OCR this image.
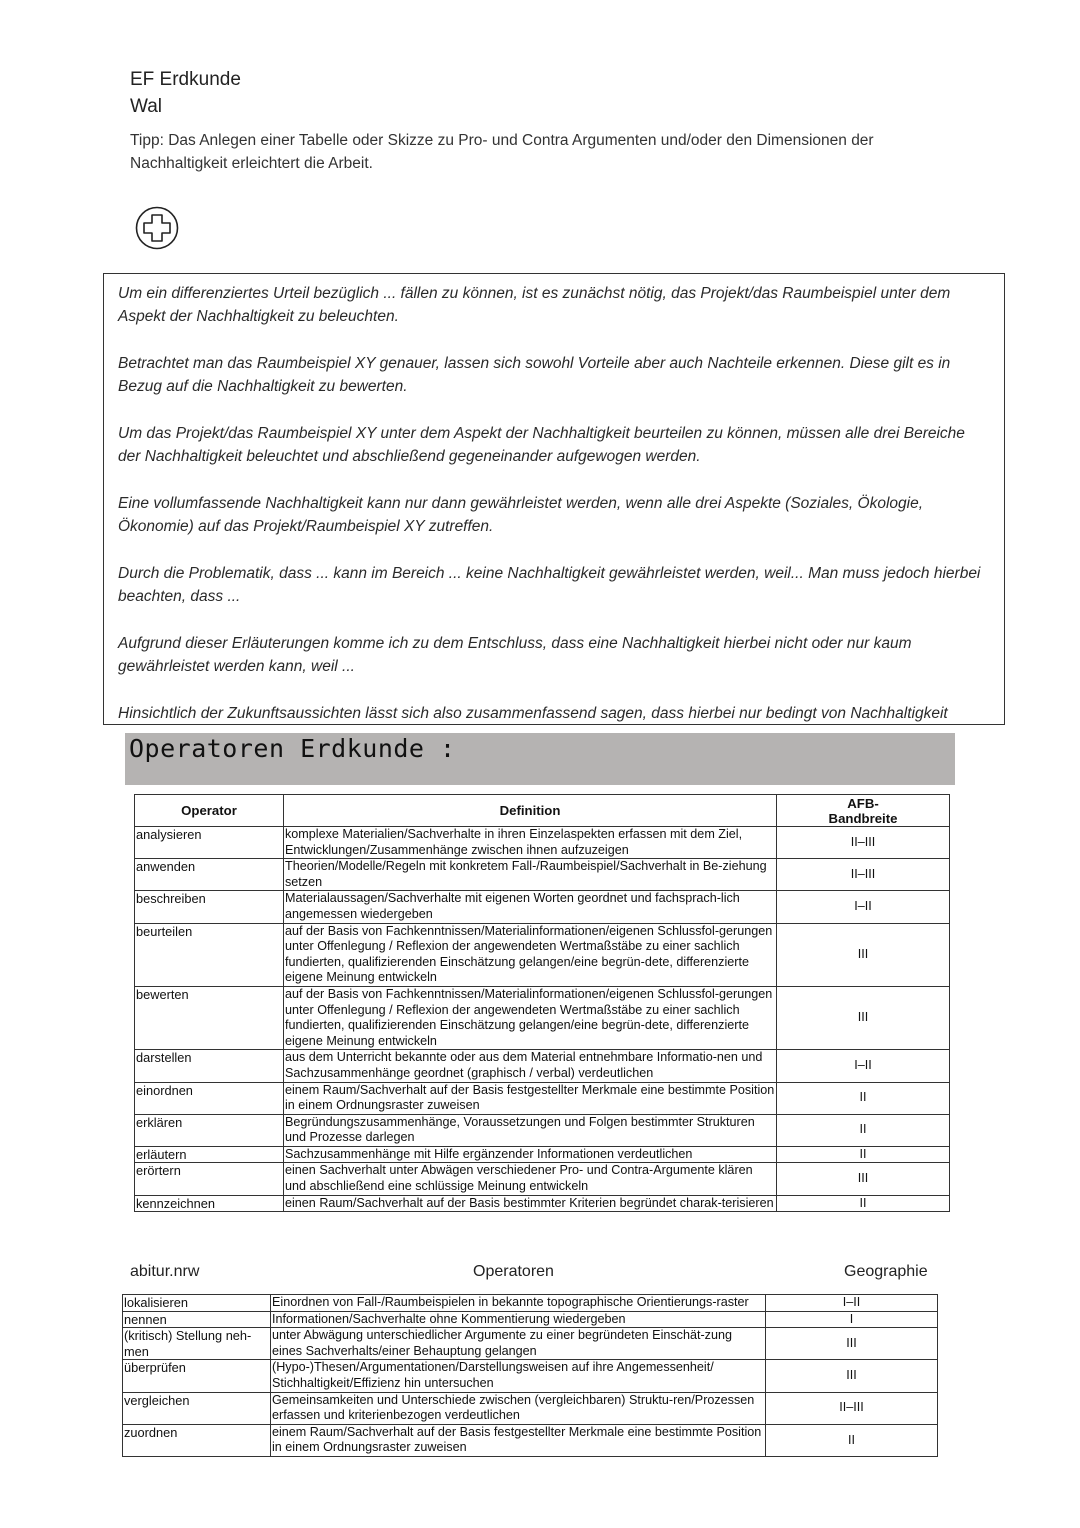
EF Erdkunde
Wal
Tipp: Das Anlegen einer Tabelle oder Skizze zu Pro- und Contra Argumenten und/oder den Dimensionen der Nachhaltigkeit erleichtert die Arbeit.

Um ein differenziertes Urteil bezüglich ... fällen zu können, ist es zunächst nötig, das Projekt/das Raumbeispiel unter dem Aspekt der Nachhaltigkeit zu beleuchten.

Betrachtet man das Raumbeispiel XY genauer, lassen sich sowohl Vorteile aber auch Nachteile erkennen. Diese gilt es in Bezug auf die Nachhaltigkeit zu bewerten.

Um das Projekt/das Raumbeispiel XY unter dem Aspekt der Nachhaltigkeit beurteilen zu können, müssen alle drei Bereiche der Nachhaltigkeit beleuchtet und abschließend gegeneinander aufgewogen werden.

Eine vollumfassende Nachhaltigkeit kann nur dann gewährleistet werden, wenn alle drei Aspekte (Soziales, Ökologie, Ökonomie) auf das Projekt/Raumbeispiel XY zutreffen.

Durch die Problematik, dass ... kann im Bereich ... keine Nachhaltigkeit gewährleistet werden, weil... Man muss jedoch hierbei beachten, dass ...

Aufgrund dieser Erläuterungen komme ich zu dem Entschluss, dass eine Nachhaltigkeit hierbei nicht oder nur kaum gewährleistet werden kann, weil ...

Hinsichtlich der Zukunftsaussichten lässt sich also zusammenfassend sagen, dass hierbei nur bedingt von Nachhaltigkeit

Operatoren Erdkunde :
Operator	Definition	AFB-
Bandbreite
analysieren	komplexe Materialien/Sachverhalte in ihren Einzelaspekten erfassen mit dem Ziel, Entwicklungen/Zusammenhänge zwischen ihnen aufzuzeigen	II–III
anwenden	Theorien/Modelle/Regeln mit konkretem Fall-/Raumbeispiel/Sachverhalt in Be-ziehung setzen	II–III
beschreiben	Materialaussagen/Sachverhalte mit eigenen Worten geordnet und fachsprach-lich angemessen wiedergeben	I–II
beurteilen	auf der Basis von Fachkenntnissen/Materialinformationen/eigenen Schlussfol-gerungen unter Offenlegung / Reflexion der angewendeten Wertmaßstäbe zu einer sachlich fundierten, qualifizierenden Einschätzung gelangen/eine begrün-dete, differenzierte eigene Meinung entwickeln	III
bewerten	auf der Basis von Fachkenntnissen/Materialinformationen/eigenen Schlussfol-gerungen unter Offenlegung / Reflexion der angewendeten Wertmaßstäbe zu einer sachlich fundierten, qualifizierenden Einschätzung gelangen/eine begrün-dete, differenzierte eigene Meinung entwickeln	III
darstellen	aus dem Unterricht bekannte oder aus dem Material entnehmbare Informatio-nen und Sachzusammenhänge geordnet (graphisch / verbal) verdeutlichen	I–II
einordnen	einem Raum/Sachverhalt auf der Basis festgestellter Merkmale eine bestimmte Position in einem Ordnungsraster zuweisen	II
erklären	Begründungszusammenhänge, Voraussetzungen und Folgen bestimmter Strukturen und Prozesse darlegen	II
erläutern	Sachzusammenhänge mit Hilfe ergänzender Informationen verdeutlichen	II
erörtern	einen Sachverhalt unter Abwägen verschiedener Pro- und Contra-Argumente klären und abschließend eine schlüssige Meinung entwickeln	III
kennzeichnen	einen Raum/Sachverhalt auf der Basis bestimmter Kriterien begründet charak-terisieren	II
abitur.nrw	Operatoren	Geographie
lokalisieren	Einordnen von Fall-/Raumbeispielen in bekannte topographische Orientierungs-raster	I–II
nennen	Informationen/Sachverhalte ohne Kommentierung wiedergeben	I
(kritisch) Stellung neh-men	unter Abwägung unterschiedlicher Argumente zu einer begründeten Einschät-zung eines Sachverhalts/einer Behauptung gelangen	III
überprüfen	(Hypo-)Thesen/Argumentationen/Darstellungsweisen auf ihre Angemessenheit/ Stichhaltigkeit/Effizienz hin untersuchen	III
vergleichen	Gemeinsamkeiten und Unterschiede zwischen (vergleichbaren) Struktu-ren/Prozessen erfassen und kriterienbezogen verdeutlichen	II–III
zuordnen	einem Raum/Sachverhalt auf der Basis festgestellter Merkmale eine bestimmte Position in einem Ordnungsraster zuweisen	II
